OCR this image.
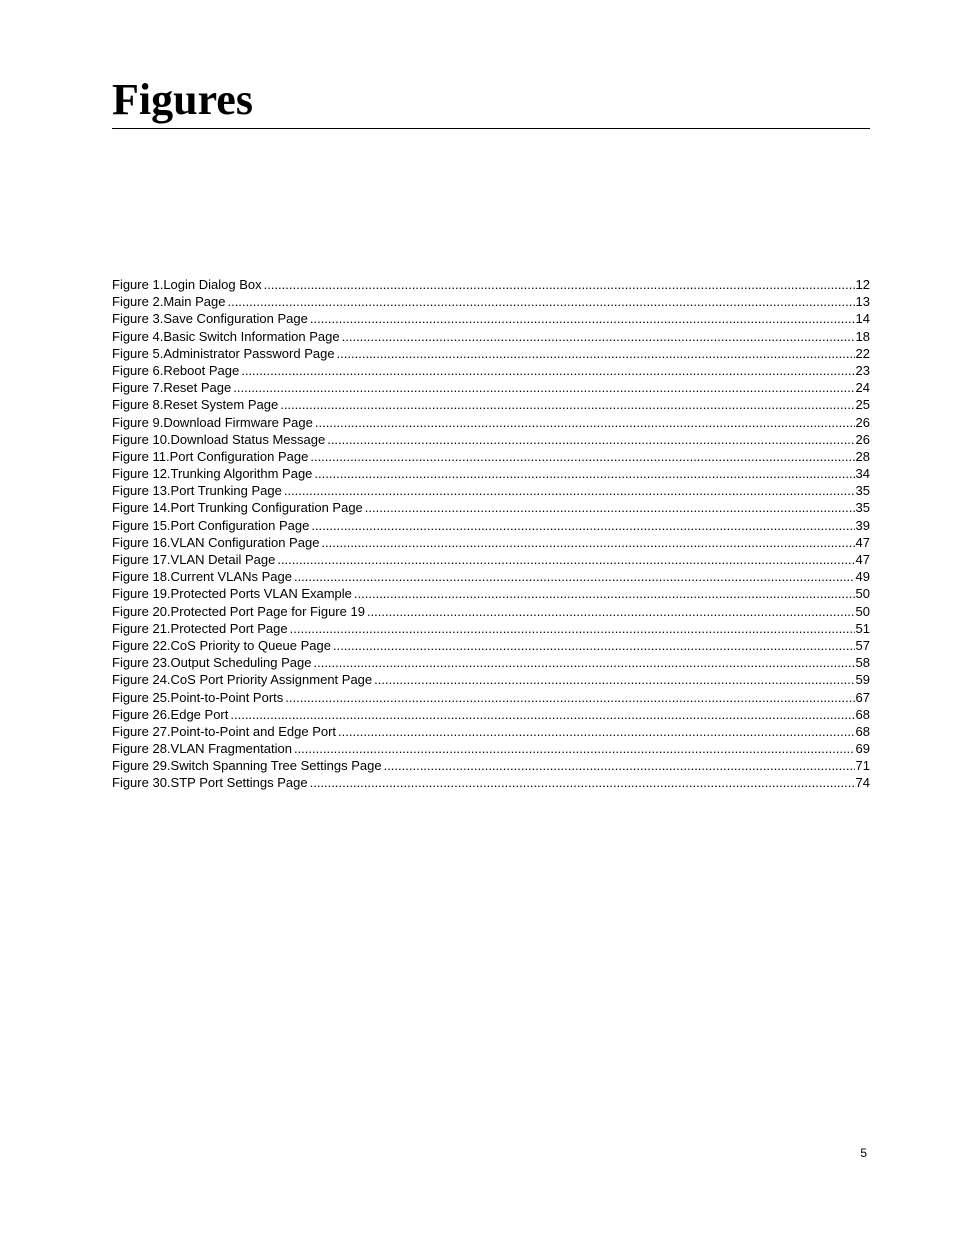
Figures
Figure 1. Login Dialog Box .....	12
Figure 2. Main Page .....	13
Figure 3. Save Configuration Page .....	14
Figure 4. Basic Switch Information Page .....	18
Figure 5. Administrator Password Page .....	22
Figure 6. Reboot Page .....	23
Figure 7. Reset Page .....	24
Figure 8. Reset System Page .....	25
Figure 9. Download Firmware Page .....	26
Figure 10. Download Status Message .....	26
Figure 11. Port Configuration Page .....	28
Figure 12. Trunking Algorithm Page .....	34
Figure 13. Port Trunking Page .....	35
Figure 14. Port Trunking Configuration Page .....	35
Figure 15. Port Configuration Page .....	39
Figure 16. VLAN Configuration Page .....	47
Figure 17. VLAN Detail Page .....	47
Figure 18. Current VLANs Page .....	49
Figure 19. Protected Ports VLAN Example .....	50
Figure 20. Protected Port Page for Figure 19 .....	50
Figure 21. Protected Port Page .....	51
Figure 22. CoS Priority to Queue Page .....	57
Figure 23. Output Scheduling Page .....	58
Figure 24. CoS Port Priority Assignment Page .....	59
Figure 25. Point-to-Point Ports .....	67
Figure 26. Edge Port .....	68
Figure 27. Point-to-Point and Edge Port .....	68
Figure 28. VLAN Fragmentation .....	69
Figure 29. Switch Spanning Tree Settings Page .....	71
Figure 30. STP Port Settings Page .....	74
5
